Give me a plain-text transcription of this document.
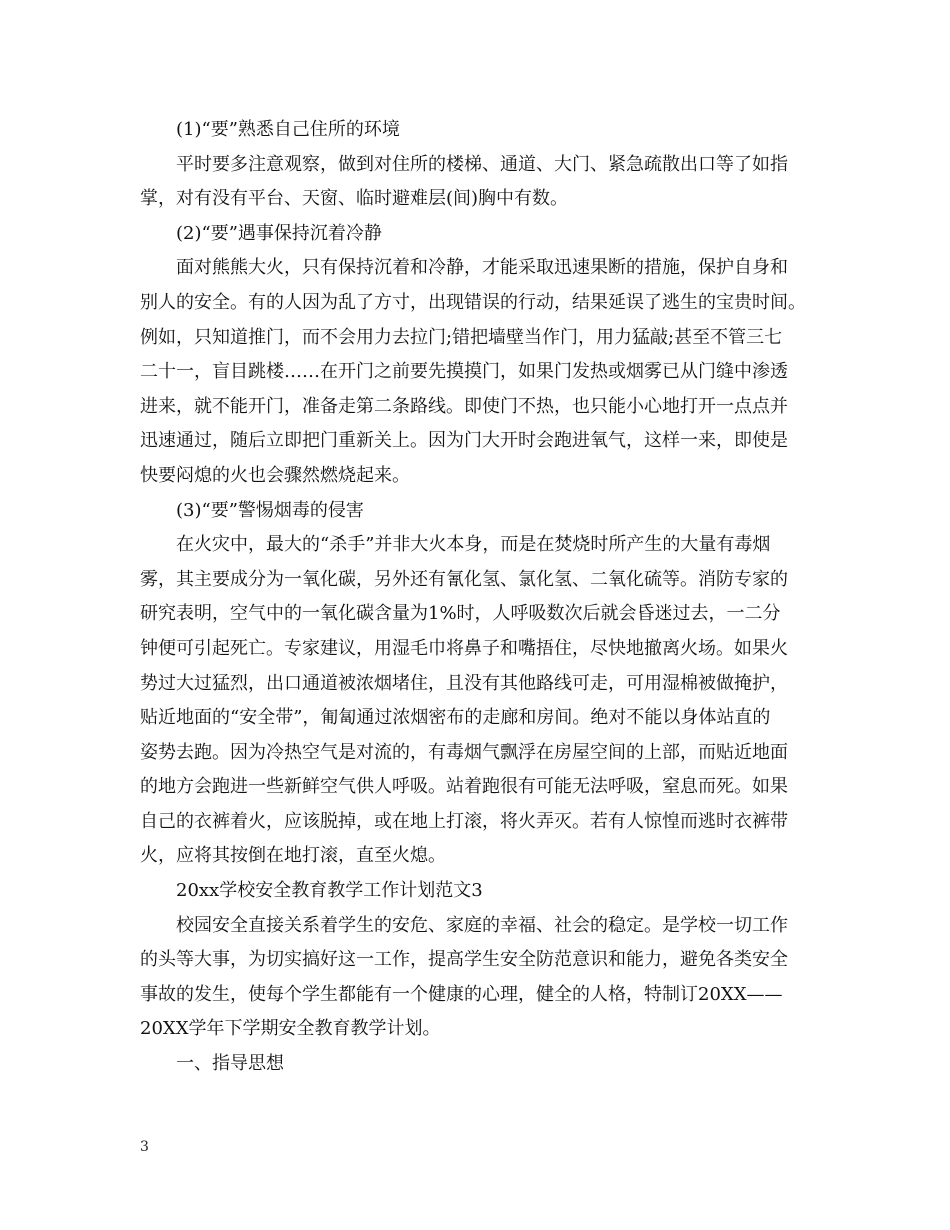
(1)“要”熟悉自己住所的环境
平时要多注意观察，做到对住所的楼梯、通道、大门、紧急疏散出口等了如指
掌，对有没有平台、天窗、临时避难层(间)胸中有数。
(2)“要”遇事保持沉着冷静
面对熊熊大火，只有保持沉着和冷静，才能采取迅速果断的措施，保护自身和
别人的安全。有的人因为乱了方寸，出现错误的行动，结果延误了逃生的宝贵时间。
例如，只知道推门，而不会用力去拉门;错把墙壁当作门，用力猛敲;甚至不管三七
二十一，盲目跳楼……在开门之前要先摸摸门，如果门发热或烟雾已从门缝中渗透
进来，就不能开门，准备走第二条路线。即使门不热，也只能小心地打开一点点并
迅速通过，随后立即把门重新关上。因为门大开时会跑进氧气，这样一来，即使是
快要闷熄的火也会骤然燃烧起来。
(3)“要”警惕烟毒的侵害
在火灾中，最大的“杀手”并非大火本身，而是在焚烧时所产生的大量有毒烟
雾，其主要成分为一氧化碳，另外还有氰化氢、氯化氢、二氧化硫等。消防专家的
研究表明，空气中的一氧化碳含量为1%时，人呼吸数次后就会昏迷过去，一二分
钟便可引起死亡。专家建议，用湿毛巾将鼻子和嘴捂住，尽快地撤离火场。如果火
势过大过猛烈，出口通道被浓烟堵住，且没有其他路线可走，可用湿棉被做掩护，
贴近地面的“安全带”，匍匐通过浓烟密布的走廊和房间。绝对不能以身体站直的
姿势去跑。因为冷热空气是对流的，有毒烟气飘浮在房屋空间的上部，而贴近地面
的地方会跑进一些新鲜空气供人呼吸。站着跑很有可能无法呼吸，窒息而死。如果
自己的衣裤着火，应该脱掉，或在地上打滚，将火弄灭。若有人惊惶而逃时衣裤带
火，应将其按倒在地打滚，直至火熄。
20xx学校安全教育教学工作计划范文3
校园安全直接关系着学生的安危、家庭的幸福、社会的稳定。是学校一切工作
的头等大事，为切实搞好这一工作，提高学生安全防范意识和能力，避免各类安全
事故的发生，使每个学生都能有一个健康的心理，健全的人格，特制订20XX——
20XX学年下学期安全教育教学计划。
一、指导思想
3
